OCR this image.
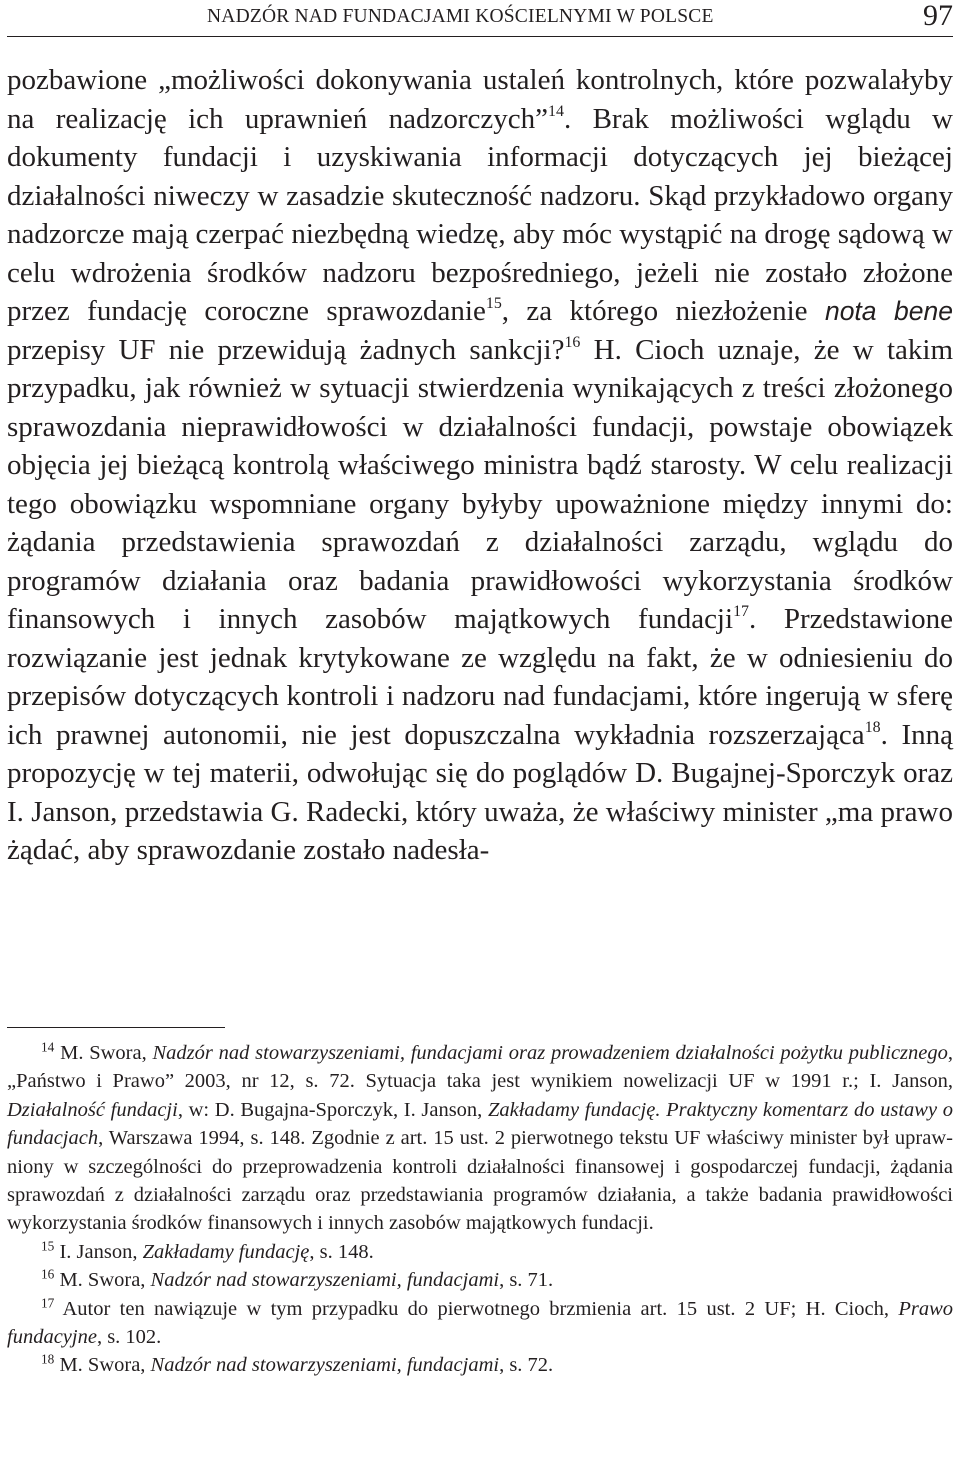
NADZÓR NAD FUNDACJAMI KOŚCIELNYMI W POLSCE	97

pozbawione „możliwości dokonywania ustaleń kontrolnych, które pozwalałyby na realizację ich uprawnień nadzorczych”$^{14}$. Brak możliwości wglądu w dokumenty fundacji i uzyskiwania informacji dotyczących jej bieżącej działalności niweczy w zasadzie skuteczność nadzoru. Skąd przykładowo organy nadzorcze mają czerpać niezbędną wiedzę, aby móc wystąpić na drogę sądową w celu wdrożenia środków nadzoru bezpośredniego, jeżeli nie zostało złożone przez fundację coroczne sprawozdanie$^{15}$, za którego niezłożenie nota bene przepisy UF nie przewidują żadnych sankcji?$^{16}$ H. Cioch uznaje, że w takim przypadku, jak również w sytuacji stwierdzenia wynikających z treści złożonego sprawozdania nieprawidłowości w działalności fundacji, powstaje obowiązek objęcia jej bieżącą kontrolą właściwego ministra bądź starosty. W celu realizacji tego obowiązku wspomniane organy byłyby upoważnione między innymi do: żądania przedstawienia sprawozdań z działalności zarządu, wglądu do programów działania oraz badania prawidłowości wykorzystania środków finansowych i innych zasobów majątkowych fundacji$^{17}$. Przedstawione rozwiązanie jest jednak krytykowane ze względu na fakt, że w odniesieniu do przepisów dotyczących kontroli i nadzoru nad fundacjami, które ingerują w sferę ich prawnej autonomii, nie jest dopuszczalna wykładnia rozszerzająca$^{18}$. Inną propozycję w tej materii, odwołując się do poglądów D. Bugajnej-Sporczyk oraz I. Janson, przedstawia G. Radecki, który uważa, że właściwy minister „ma prawo żądać, aby sprawozdanie zostało nadesła-

$^{14}$ M. Swora, Nadzór nad stowarzyszeniami, fundacjami oraz prowadzeniem działalności pożytku publicznego, „Państwo i Prawo” 2003, nr 12, s. 72. Sytuacja taka jest wynikiem nowelizacji UF w 1991 r.; I. Janson, Działalność fundacji, w: D. Bugajna-Sporczyk, I. Janson, Zakładamy fundację. Praktyczny komentarz do ustawy o fundacjach, Warszawa 1994, s. 148. Zgodnie z art. 15 ust. 2 pierwotnego tekstu UF właściwy minister był uprawniony w szczególności do przeprowadzenia kontroli działalności finansowej i gospodarczej fundacji, żądania sprawozdań z działalności zarządu oraz przedstawiania programów działania, a także badania prawidłowości wykorzystania środków finansowych i innych zasobów majątkowych fundacji.

$^{15}$ I. Janson, Zakładamy fundację, s. 148.

$^{16}$ M. Swora, Nadzór nad stowarzyszeniami, fundacjami, s. 71.

$^{17}$ Autor ten nawiązuje w tym przypadku do pierwotnego brzmienia art. 15 ust. 2 UF; H. Cioch, Prawo fundacyjne, s. 102.

$^{18}$ M. Swora, Nadzór nad stowarzyszeniami, fundacjami, s. 72.
